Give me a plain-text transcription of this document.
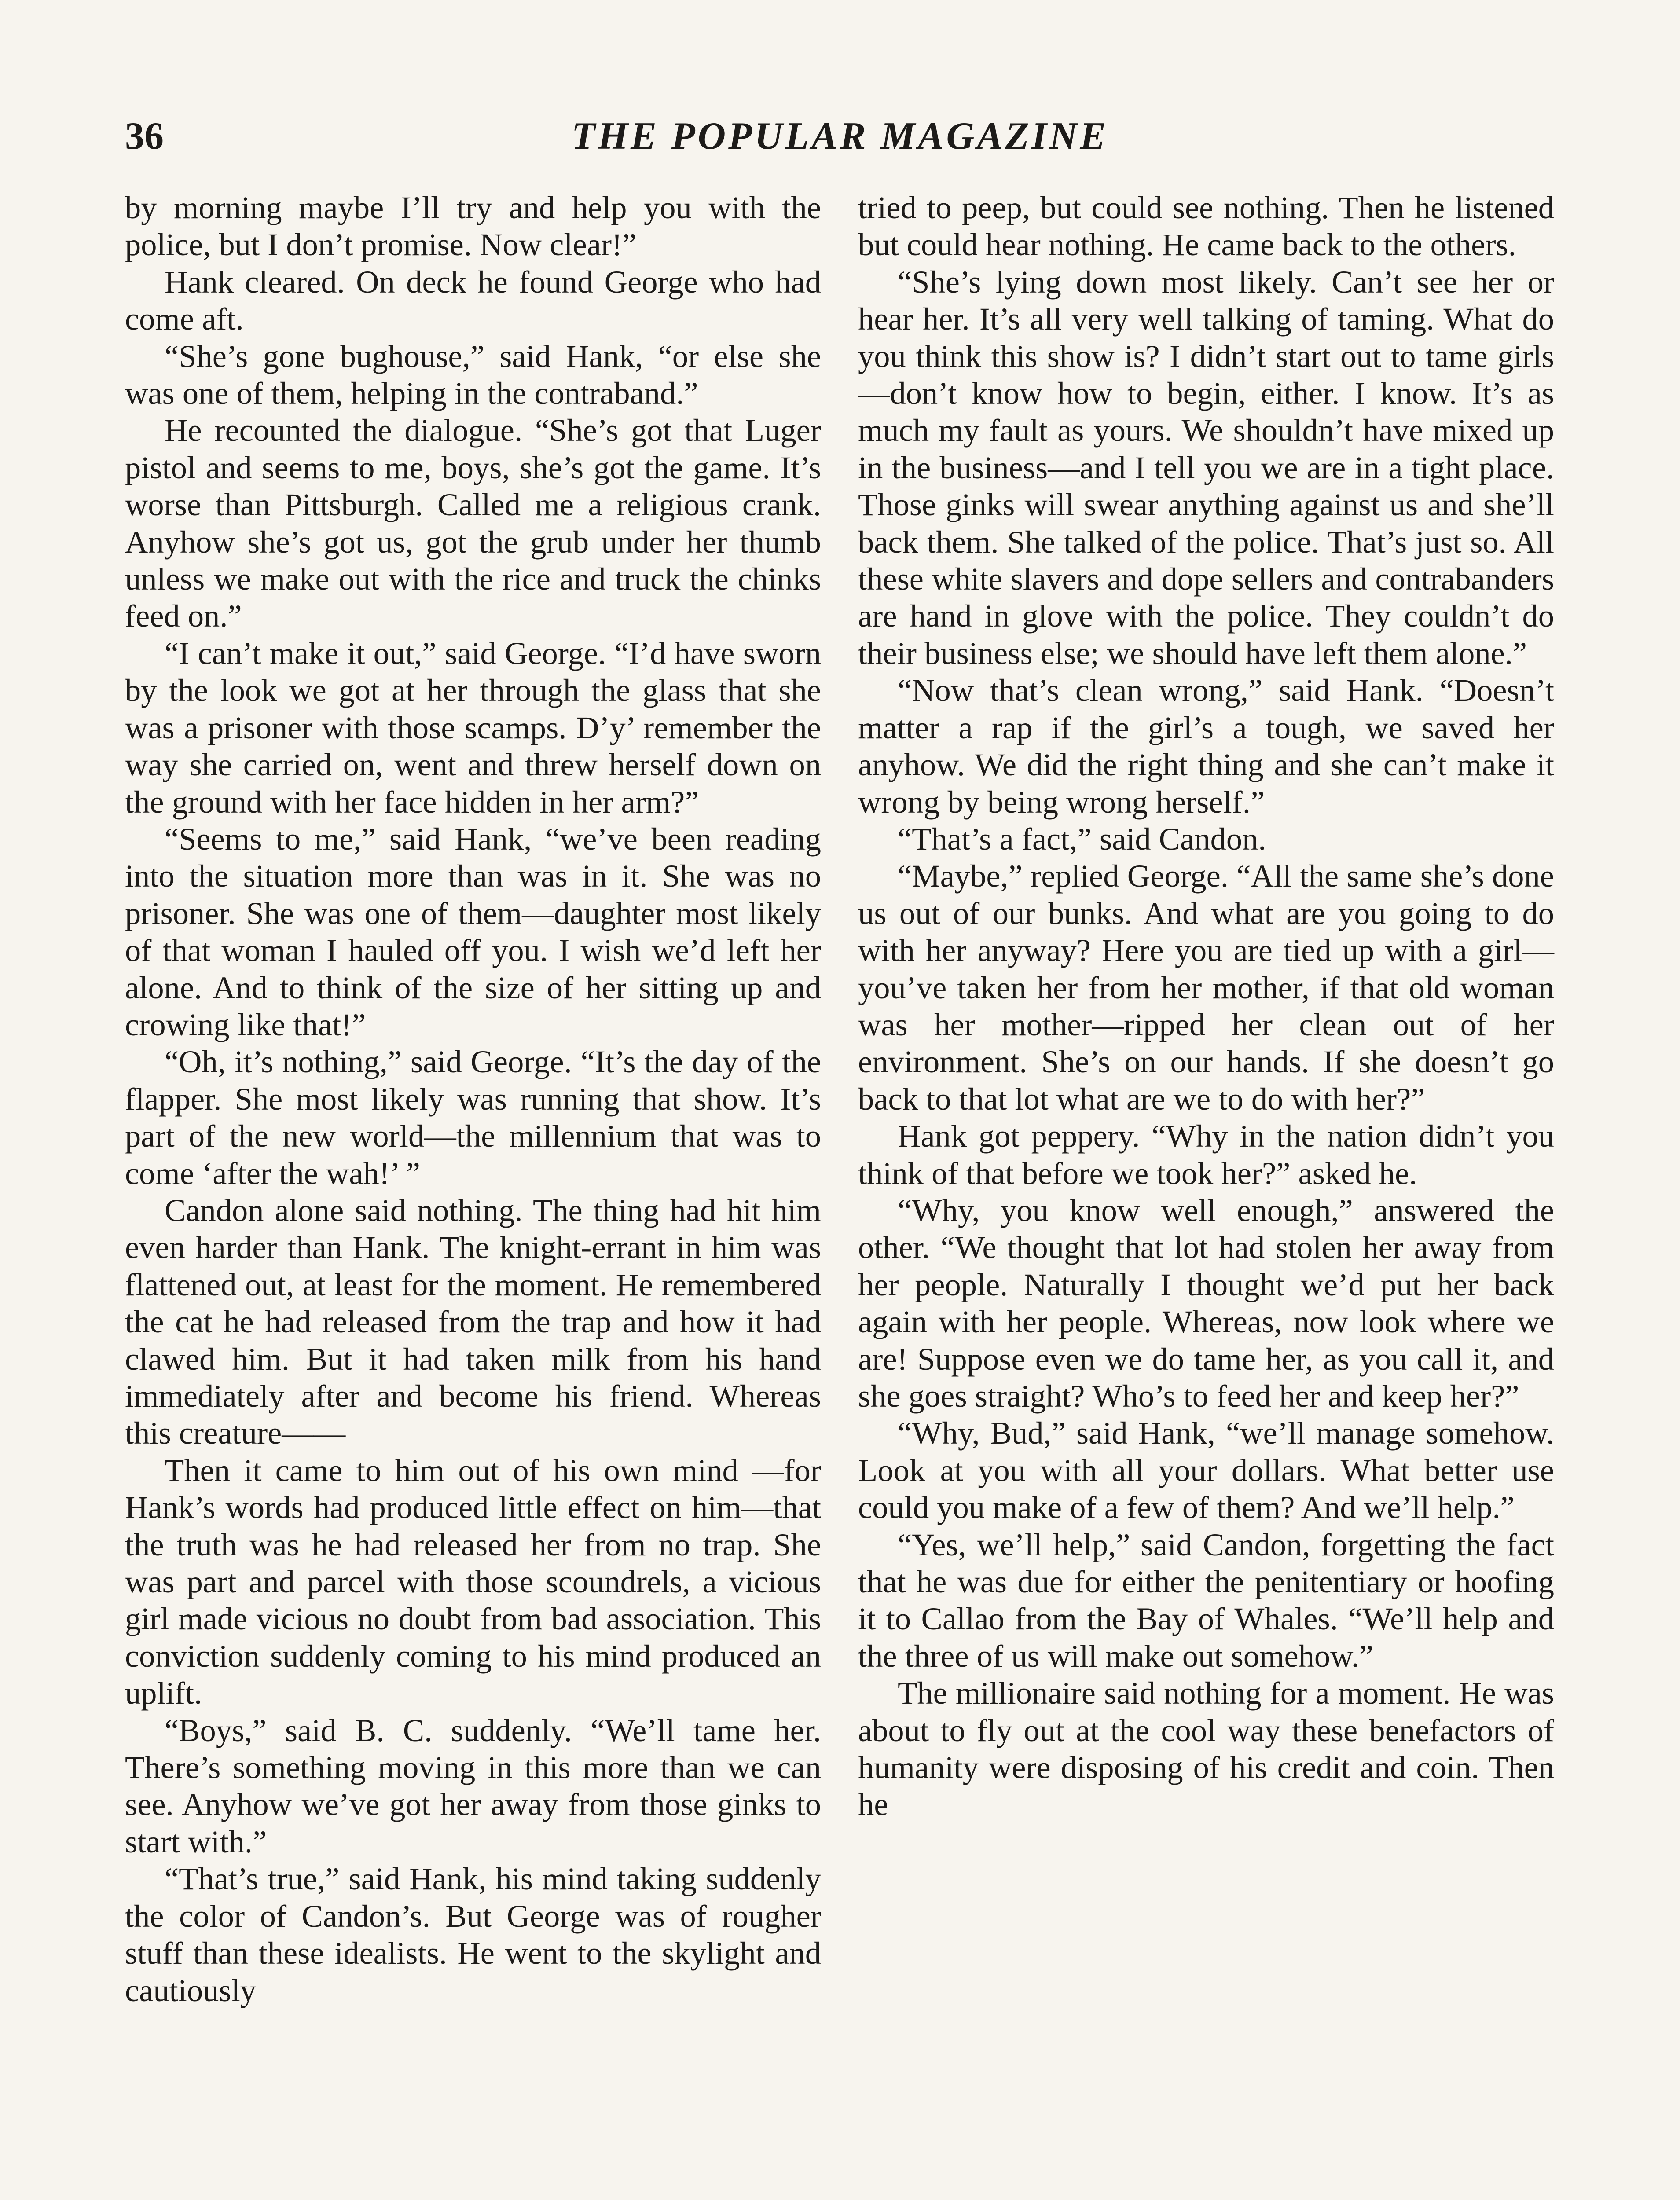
36	THE POPULAR MAGAZINE

by morning maybe I’ll try and help you with the police, but I don’t promise. Now clear!”

Hank cleared. On deck he found George who had come aft.

“She’s gone bughouse,” said Hank, “or else she was one of them, helping in the contraband.”

He recounted the dialogue. “She’s got that Luger pistol and seems to me, boys, she’s got the game. It’s worse than Pittsburgh. Called me a religious crank. Anyhow she’s got us, got the grub under her thumb unless we make out with the rice and truck the chinks feed on.”

“I can’t make it out,” said George. “I’d have sworn by the look we got at her through the glass that she was a prisoner with those scamps. D’y’ remember the way she carried on, went and threw herself down on the ground with her face hidden in her arm?”

“Seems to me,” said Hank, “we’ve been reading into the situation more than was in it. She was no prisoner. She was one of them—daughter most likely of that woman I hauled off you. I wish we’d left her alone. And to think of the size of her sitting up and crowing like that!”

“Oh, it’s nothing,” said George. “It’s the day of the flapper. She most likely was running that show. It’s part of the new world—the millennium that was to come ‘after the wah!’ ”

Candon alone said nothing. The thing had hit him even harder than Hank. The knight-errant in him was flattened out, at least for the moment. He remembered the cat he had released from the trap and how it had clawed him. But it had taken milk from his hand immediately after and become his friend. Whereas this creature——

Then it came to him out of his own mind —for Hank’s words had produced little effect on him—that the truth was he had released her from no trap. She was part and parcel with those scoundrels, a vicious girl made vicious no doubt from bad association. This conviction suddenly coming to his mind produced an uplift.

“Boys,” said B. C. suddenly. “We’ll tame her. There’s something moving in this more than we can see. Anyhow we’ve got her away from those ginks to start with.”

“That’s true,” said Hank, his mind taking suddenly the color of Candon’s. But George was of rougher stuff than these idealists. He went to the skylight and cautiously

tried to peep, but could see nothing. Then he listened but could hear nothing. He came back to the others.

“She’s lying down most likely. Can’t see her or hear her. It’s all very well talking of taming. What do you think this show is? I didn’t start out to tame girls—don’t know how to begin, either. I know. It’s as much my fault as yours. We shouldn’t have mixed up in the business—and I tell you we are in a tight place. Those ginks will swear anything against us and she’ll back them. She talked of the police. That’s just so. All these white slavers and dope sellers and contrabanders are hand in glove with the police. They couldn’t do their business else; we should have left them alone.”

“Now that’s clean wrong,” said Hank. “Doesn’t matter a rap if the girl’s a tough, we saved her anyhow. We did the right thing and she can’t make it wrong by being wrong herself.”

“That’s a fact,” said Candon.

“Maybe,” replied George. “All the same she’s done us out of our bunks. And what are you going to do with her anyway? Here you are tied up with a girl—you’ve taken her from her mother, if that old woman was her mother—ripped her clean out of her environment. She’s on our hands. If she doesn’t go back to that lot what are we to do with her?”

Hank got peppery. “Why in the nation didn’t you think of that before we took her?” asked he.

“Why, you know well enough,” answered the other. “We thought that lot had stolen her away from her people. Naturally I thought we’d put her back again with her people. Whereas, now look where we are! Suppose even we do tame her, as you call it, and she goes straight? Who’s to feed her and keep her?”

“Why, Bud,” said Hank, “we’ll manage somehow. Look at you with all your dollars. What better use could you make of a few of them? And we’ll help.”

“Yes, we’ll help,” said Candon, forgetting the fact that he was due for either the penitentiary or hoofing it to Callao from the Bay of Whales. “We’ll help and the three of us will make out somehow.”

The millionaire said nothing for a moment. He was about to fly out at the cool way these benefactors of humanity were disposing of his credit and coin. Then he
